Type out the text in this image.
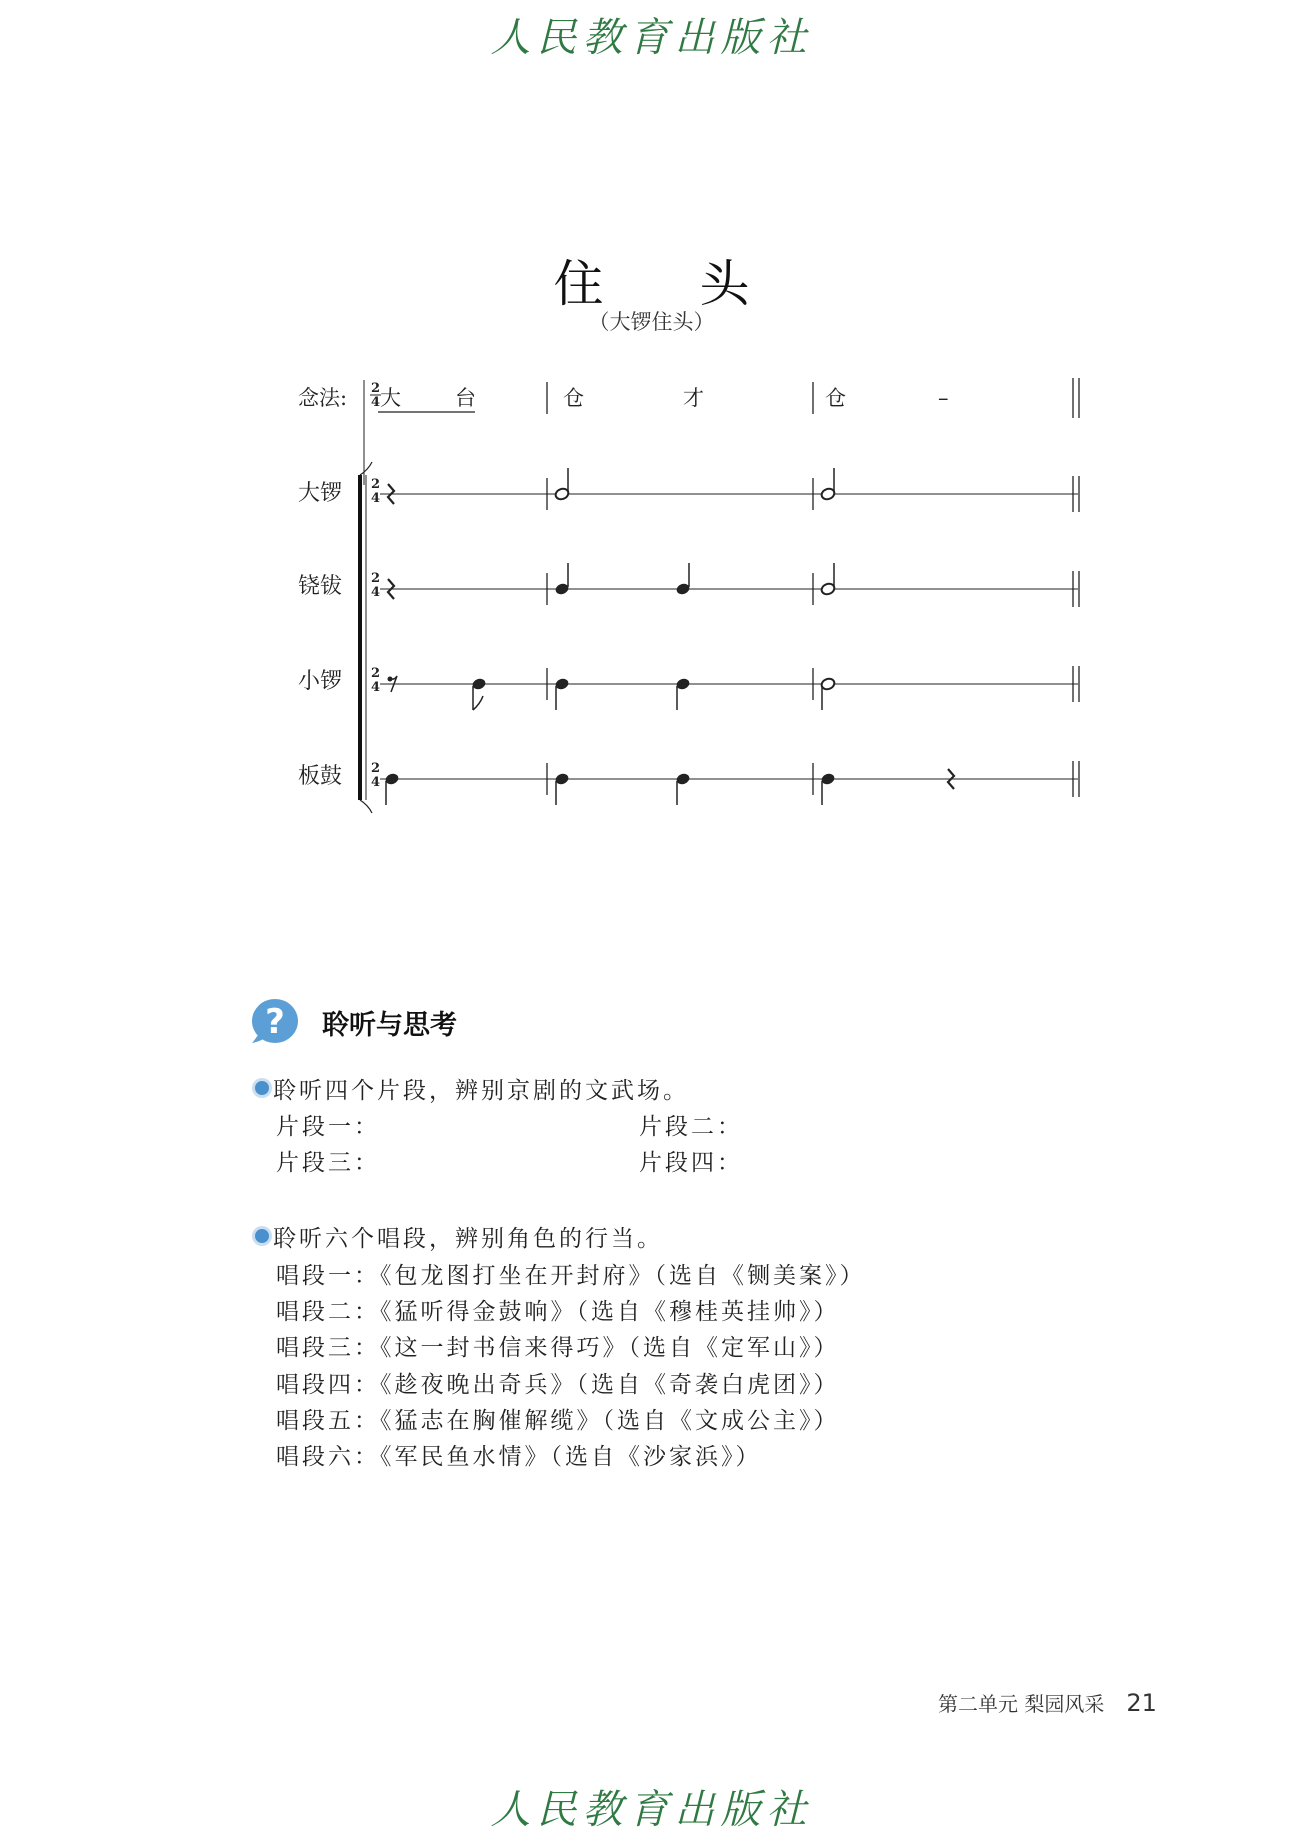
人民教育出版社
住 头
（大锣住头）
念法: 大	台	仓	才	仓	–
大锣
铙钹
小锣
板鼓
2
4
2
4
2
4
2
4
2
4
? 聆听与思考
聆听四个片段，辨别京剧的文武场。
片段一：	片段二：
片段三：	片段四：
聆听六个唱段，辨别角色的行当。
唱段一：《包龙图打坐在开封府》（选自《铡美案》）
唱段二：《猛听得金鼓响》（选自《穆桂英挂帅》）
唱段三：《这一封书信来得巧》（选自《定军山》）
唱段四：《趁夜晚出奇兵》（选自《奇袭白虎团》）
唱段五：《猛志在胸催解缆》（选自《文成公主》）
唱段六：《军民鱼水情》（选自《沙家浜》）
第二单元 梨园风采 21
人民教育出版社
